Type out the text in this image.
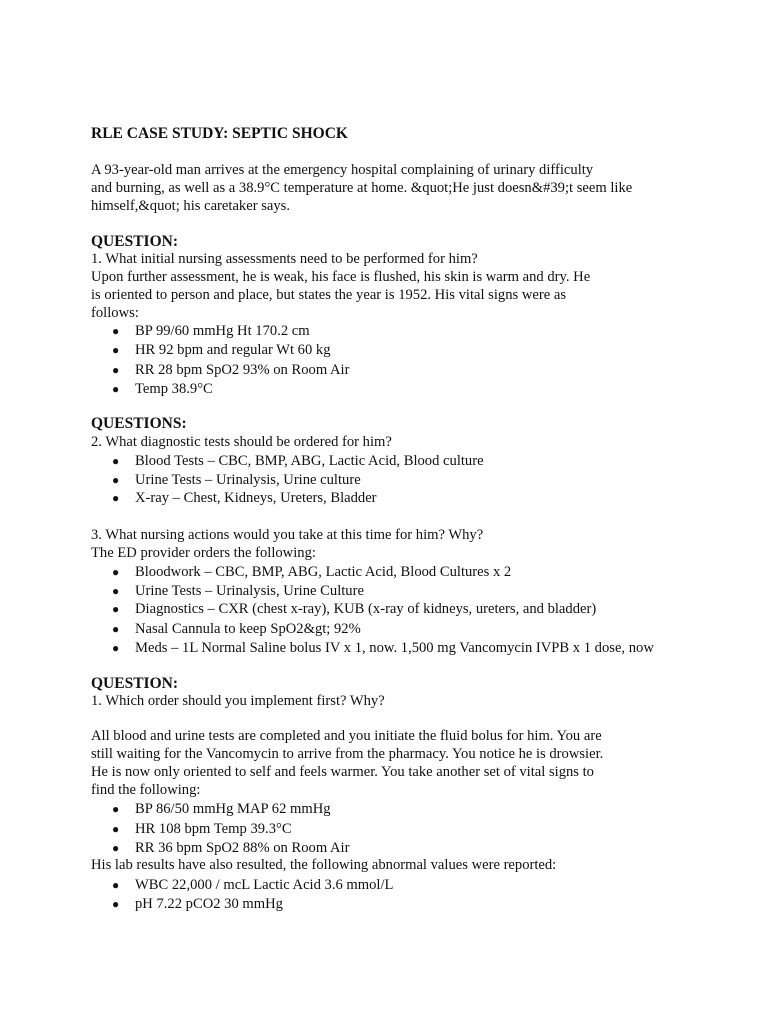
RLE CASE STUDY: SEPTIC SHOCK
A 93-year-old man arrives at the emergency hospital complaining of urinary difficulty
and burning, as well as a 38.9°C temperature at home. &quot;He just doesn&#39;t seem like
himself,&quot; his caretaker says.
QUESTION:
1. What initial nursing assessments need to be performed for him?
Upon further assessment, he is weak, his face is flushed, his skin is warm and dry. He
is oriented to person and place, but states the year is 1952. His vital signs were as
follows:
● BP 99/60 mmHg Ht 170.2 cm
● HR 92 bpm and regular Wt 60 kg
● RR 28 bpm SpO2 93% on Room Air
● Temp 38.9°C
QUESTIONS:
2. What diagnostic tests should be ordered for him?
● Blood Tests – CBC, BMP, ABG, Lactic Acid, Blood culture
● Urine Tests – Urinalysis, Urine culture
● X-ray – Chest, Kidneys, Ureters, Bladder
3. What nursing actions would you take at this time for him? Why?
The ED provider orders the following:
● Bloodwork – CBC, BMP, ABG, Lactic Acid, Blood Cultures x 2
● Urine Tests – Urinalysis, Urine Culture
● Diagnostics – CXR (chest x-ray), KUB (x-ray of kidneys, ureters, and bladder)
● Nasal Cannula to keep SpO2&gt; 92%
● Meds – 1L Normal Saline bolus IV x 1, now. 1,500 mg Vancomycin IVPB x 1 dose, now
QUESTION:
1. Which order should you implement first? Why?
All blood and urine tests are completed and you initiate the fluid bolus for him. You are
still waiting for the Vancomycin to arrive from the pharmacy. You notice he is drowsier.
He is now only oriented to self and feels warmer. You take another set of vital signs to
find the following:
● BP 86/50 mmHg MAP 62 mmHg
● HR 108 bpm Temp 39.3°C
● RR 36 bpm SpO2 88% on Room Air
His lab results have also resulted, the following abnormal values were reported:
● WBC 22,000 / mcL Lactic Acid 3.6 mmol/L
● pH 7.22 pCO2 30 mmHg
